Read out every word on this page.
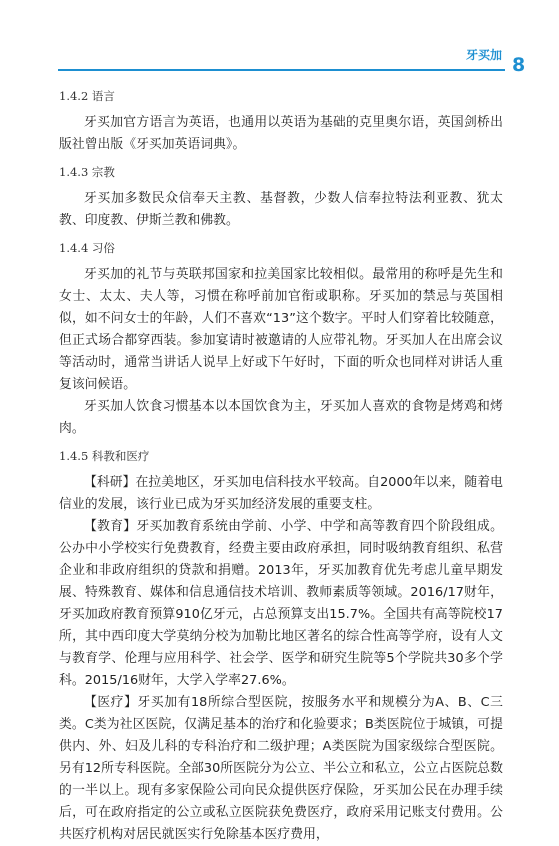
牙买加 8
1.4.2 语言

牙买加官方语言为英语，也通用以英语为基础的克里奥尔语，英国剑桥出版社曾出版《牙买加英语词典》。

1.4.3 宗教

牙买加多数民众信奉天主教、基督教，少数人信奉拉特法利亚教、犹太教、印度教、伊斯兰教和佛教。

1.4.4 习俗

牙买加的礼节与英联邦国家和拉美国家比较相似。最常用的称呼是先生和女士、太太、夫人等，习惯在称呼前加官衔或职称。牙买加的禁忌与英国相似，如不问女士的年龄，人们不喜欢“13”这个数字。平时人们穿着比较随意，但正式场合都穿西装。参加宴请时被邀请的人应带礼物。牙买加人在出席会议等活动时，通常当讲话人说早上好或下午好时，下面的听众也同样对讲话人重复该问候语。

牙买加人饮食习惯基本以本国饮食为主，牙买加人喜欢的食物是烤鸡和烤肉。

1.4.5 科教和医疗

【科研】在拉美地区，牙买加电信科技水平较高。自2000年以来，随着电信业的发展，该行业已成为牙买加经济发展的重要支柱。

【教育】牙买加教育系统由学前、小学、中学和高等教育四个阶段组成。公办中小学校实行免费教育，经费主要由政府承担，同时吸纳教育组织、私营企业和非政府组织的贷款和捐赠。2013年，牙买加教育优先考虑儿童早期发展、特殊教育、媒体和信息通信技术培训、教师素质等领域。2016/17财年，牙买加政府教育预算910亿牙元，占总预算支出15.7%。全国共有高等院校17所，其中西印度大学莫纳分校为加勒比地区著名的综合性高等学府，设有人文与教育学、伦理与应用科学、社会学、医学和研究生院等5个学院共30多个学科。2015/16财年，大学入学率27.6%。

【医疗】牙买加有18所综合型医院，按服务水平和规模分为A、B、C三类。C类为社区医院，仅满足基本的治疗和化验要求；B类医院位于城镇，可提供内、外、妇及儿科的专科治疗和二级护理；A类医院为国家级综合型医院。另有12所专科医院。全部30所医院分为公立、半公立和私立，公立占医院总数的一半以上。现有多家保险公司向民众提供医疗保险，牙买加公民在办理手续后，可在政府指定的公立或私立医院获免费医疗，政府采用记账支付费用。公共医疗机构对居民就医实行免除基本医疗费用，
